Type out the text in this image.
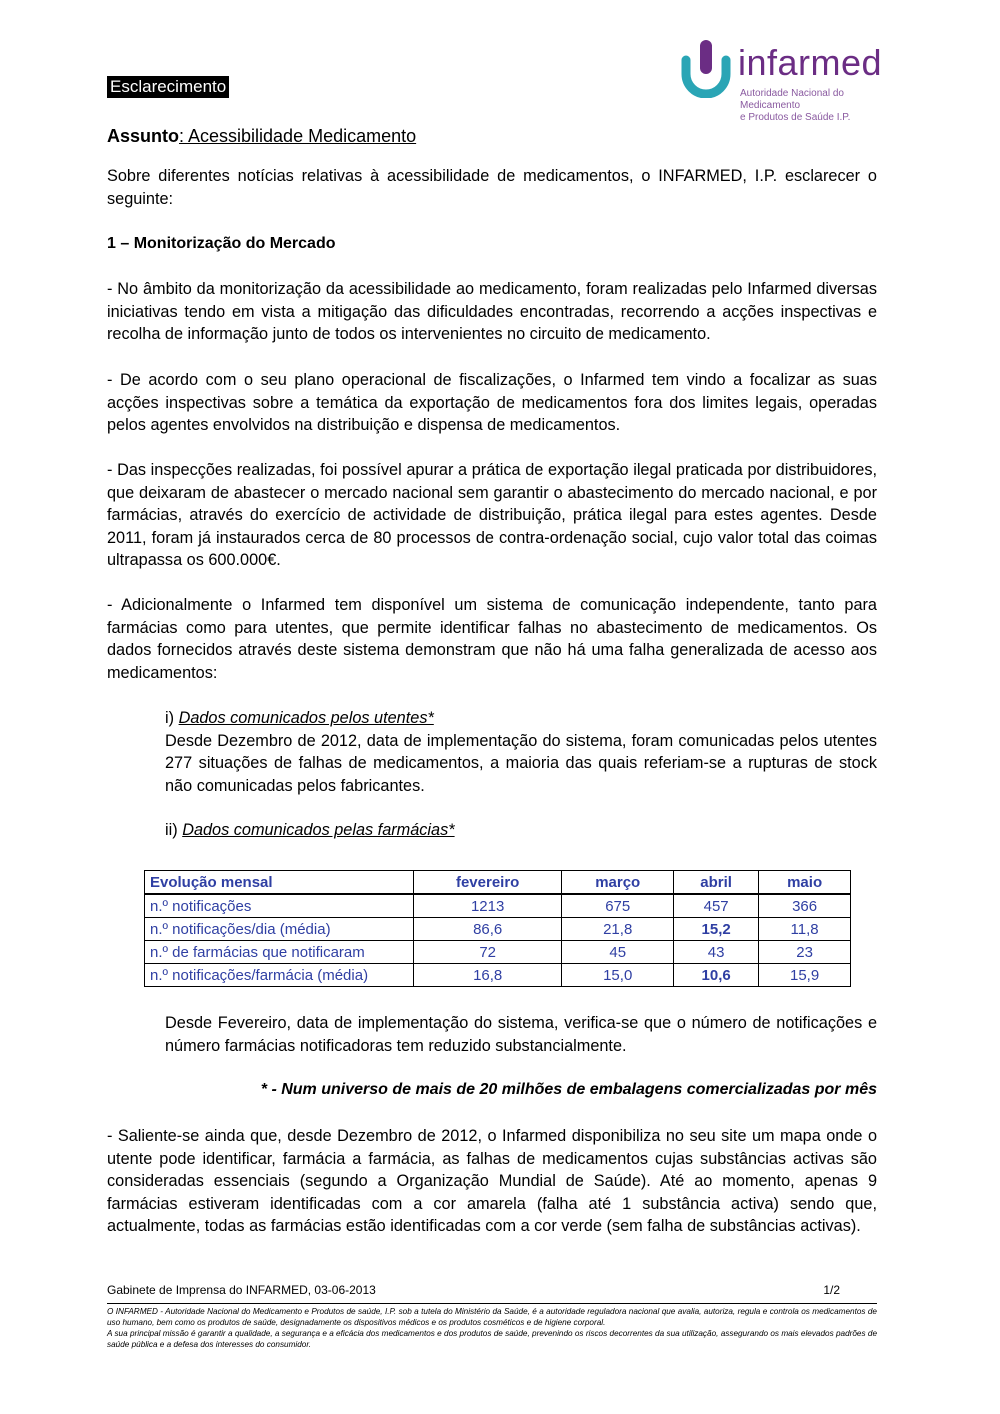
Esclarecimento
infarmed
Autoridade Nacional do Medicamento
e Produtos de Saúde I.P.
Assunto: Acessibilidade Medicamento
Sobre diferentes notícias relativas à acessibilidade de medicamentos, o INFARMED, I.P. esclarecer o seguinte:
1 – Monitorização do Mercado
- No âmbito da monitorização da acessibilidade ao medicamento, foram realizadas pelo Infarmed diversas iniciativas tendo em vista a mitigação das dificuldades encontradas, recorrendo a acções inspectivas e recolha de informação junto de todos os intervenientes no circuito de medicamento.
- De acordo com o seu plano operacional de fiscalizações, o Infarmed tem vindo a focalizar as suas acções inspectivas sobre a temática da exportação de medicamentos fora dos limites legais, operadas pelos agentes envolvidos na distribuição e dispensa de medicamentos.
- Das inspecções realizadas, foi possível apurar a prática de exportação ilegal praticada por distribuidores, que deixaram de abastecer o mercado nacional sem garantir o abastecimento do mercado nacional, e por farmácias, através do exercício de actividade de distribuição, prática ilegal para estes agentes. Desde 2011, foram já instaurados cerca de 80 processos de contra-ordenação social, cujo valor total das coimas ultrapassa os 600.000€.
- Adicionalmente o Infarmed tem disponível um sistema de comunicação independente, tanto para farmácias como para utentes, que permite identificar falhas no abastecimento de medicamentos. Os dados fornecidos através deste sistema demonstram que não há uma falha generalizada de acesso aos medicamentos:
i) Dados comunicados pelos utentes*
Desde Dezembro de 2012, data de implementação do sistema, foram comunicadas pelos utentes 277 situações de falhas de medicamentos, a maioria das quais referiam-se a rupturas de stock não comunicadas pelos fabricantes.
ii) Dados comunicados pelas farmácias*
Evolução mensal	fevereiro	março	abril	maio
n.º notificações	1213	675	457	366
n.º notificações/dia (média)	86,6	21,8	15,2	11,8
n.º de farmácias que notificaram	72	45	43	23
n.º notificações/farmácia (média)	16,8	15,0	10,6	15,9
Desde Fevereiro, data de implementação do sistema, verifica-se que o número de notificações e número farmácias notificadoras tem reduzido substancialmente.
* - Num universo de mais de 20 milhões de embalagens comercializadas por mês
- Saliente-se ainda que, desde Dezembro de 2012, o Infarmed disponibiliza no seu site um mapa onde o utente pode identificar, farmácia a farmácia, as falhas de medicamentos cujas substâncias activas são consideradas essenciais (segundo a Organização Mundial de Saúde). Até ao momento, apenas 9 farmácias estiveram identificadas com a cor amarela (falha até 1 substância activa) sendo que, actualmente, todas as farmácias estão identificadas com a cor verde (sem falha de substâncias activas).
Gabinete de Imprensa do INFARMED, 03-06-2013	1/2
O INFARMED - Autoridade Nacional do Medicamento e Produtos de saúde, I.P. sob a tutela do Ministério da Saúde, é a autoridade reguladora nacional que avalia, autoriza, regula e controla os medicamentos de uso humano, bem como os produtos de saúde, designadamente os dispositivos médicos e os produtos cosméticos e de higiene corporal.
A sua principal missão é garantir a qualidade, a segurança e a eficácia dos medicamentos e dos produtos de saúde, prevenindo os riscos decorrentes da sua utilização, assegurando os mais elevados padrões de saúde pública e a defesa dos interesses do consumidor.
